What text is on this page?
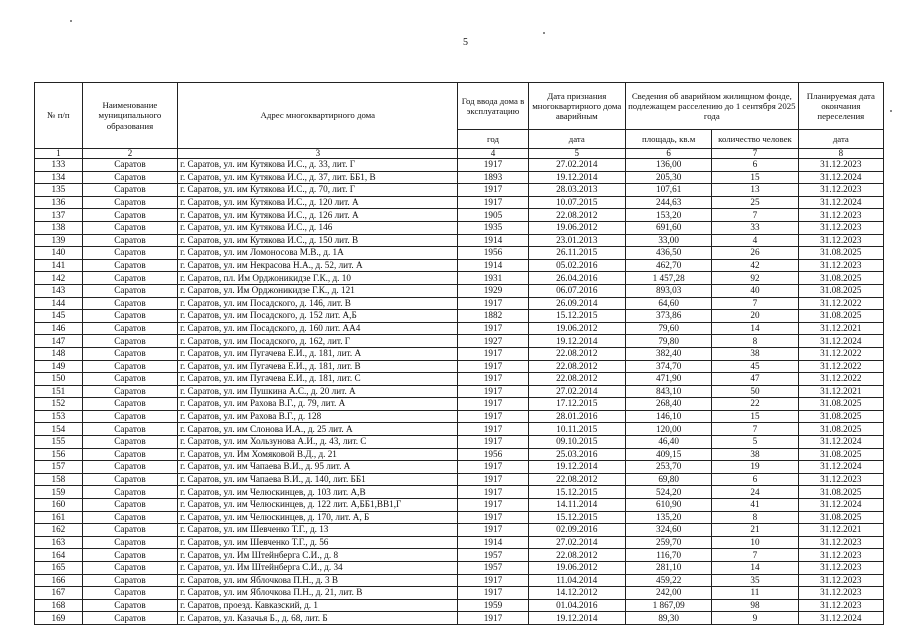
5
№ п/п	Наименование муниципального образования	Адрес многоквартирного дома	Год ввода дома в эксплуатацию	Дата признания многоквартирного дома аварийным	Сведения об аварийном жилищном фонде, подлежащем расселению до 1 сентября 2025 года		Планируемая дата окончания переселения
			год	дата	площадь, кв.м	количество человек	дата
1	2	3	4	5	6	7	8
133	Саратов	г. Саратов, ул. им Кутякова И.С., д. 33, лит. Г	1917	27.02.2014	136,00	6	31.12.2023
134	Саратов	г. Саратов, ул. им Кутякова И.С., д. 37, лит. ББ1, В	1893	19.12.2014	205,30	15	31.12.2024
135	Саратов	г. Саратов, ул. им Кутякова И.С., д. 70, лит. Г	1917	28.03.2013	107,61	13	31.12.2023
136	Саратов	г. Саратов, ул. им Кутякова И.С., д. 120 лит. А	1917	10.07.2015	244,63	25	31.12.2024
137	Саратов	г. Саратов, ул. им Кутякова И.С., д. 126 лит. А	1905	22.08.2012	153,20	7	31.12.2023
138	Саратов	г. Саратов, ул. им Кутякова И.С., д. 146	1935	19.06.2012	691,60	33	31.12.2023
139	Саратов	г. Саратов, ул. им Кутякова И.С., д. 150 лит. В	1914	23.01.2013	33,00	4	31.12.2023
140	Саратов	г. Саратов, ул. им Ломоносова М.В., д. 1А	1956	26.11.2015	436,50	26	31.08.2025
141	Саратов	г. Саратов, ул. им Некрасова Н.А., д. 52, лит. А	1914	05.02.2016	462,70	42	31.12.2023
142	Саратов	г. Саратов, пл. Им Орджоникидзе Г.К., д. 10	1931	26.04.2016	1 457,28	92	31.08.2025
143	Саратов	г. Саратов, ул. Им Орджоникидзе Г.К., д. 121	1929	06.07.2016	893,03	40	31.08.2025
144	Саратов	г. Саратов, ул. им Посадского, д. 146, лит. В	1917	26.09.2014	64,60	7	31.12.2022
145	Саратов	г. Саратов, ул. им Посадского, д. 152 лит. А,Б	1882	15.12.2015	373,86	20	31.08.2025
146	Саратов	г. Саратов, ул. им Посадского, д. 160 лит. АА4	1917	19.06.2012	79,60	14	31.12.2021
147	Саратов	г. Саратов, ул. им Посадского, д. 162, лит. Г	1927	19.12.2014	79,80	8	31.12.2024
148	Саратов	г. Саратов, ул. им Пугачева Е.И., д. 181, лит. А	1917	22.08.2012	382,40	38	31.12.2022
149	Саратов	г. Саратов, ул. им Пугачева Е.И., д. 181, лит. В	1917	22.08.2012	374,70	45	31.12.2022
150	Саратов	г. Саратов, ул. им Пугачева Е.И., д. 181, лит. С	1917	22.08.2012	471,90	47	31.12.2022
151	Саратов	г. Саратов, ул. им Пушкина А.С., д. 20 лит. А	1917	27.02.2014	843,10	50	31.12.2021
152	Саратов	г. Саратов, ул. им Рахова В.Г., д. 79, лит. А	1917	17.12.2015	268,40	22	31.08.2025
153	Саратов	г. Саратов, ул. им Рахова В.Г., д. 128	1917	28.01.2016	146,10	15	31.08.2025
154	Саратов	г. Саратов, ул. им Слонова И.А., д. 25 лит. А	1917	10.11.2015	120,00	7	31.08.2025
155	Саратов	г. Саратов, ул. им Хользунова А.И., д. 43, лит. С	1917	09.10.2015	46,40	5	31.12.2024
156	Саратов	г. Саратов, ул. Им Хомяковой В.Д., д. 21	1956	25.03.2016	409,15	38	31.08.2025
157	Саратов	г. Саратов, ул. им Чапаева В.И., д. 95 лит. А	1917	19.12.2014	253,70	19	31.12.2024
158	Саратов	г. Саратов, ул. им Чапаева В.И., д. 140, лит. ББ1	1917	22.08.2012	69,80	6	31.12.2023
159	Саратов	г. Саратов, ул. им Челюскинцев, д. 103 лит. А,В	1917	15.12.2015	524,20	24	31.08.2025
160	Саратов	г. Саратов, ул. им Челюскинцев, д. 122 лит. А,ББ1,ВВ1,Г	1917	14.11.2014	610,90	41	31.12.2024
161	Саратов	г. Саратов, ул. им Челюскинцев, д. 170, лит. А, Б	1917	15.12.2015	135,20	8	31.08.2025
162	Саратов	г. Саратов, ул. им Шевченко Т.Г., д. 13	1917	02.09.2016	324,60	21	31.12.2021
163	Саратов	г. Саратов, ул. им Шевченко Т.Г., д. 56	1914	27.02.2014	259,70	10	31.12.2023
164	Саратов	г. Саратов, ул. Им Штейнберга С.И., д. 8	1957	22.08.2012	116,70	7	31.12.2023
165	Саратов	г. Саратов, ул. Им Штейнберга С.И., д. 34	1957	19.06.2012	281,10	14	31.12.2023
166	Саратов	г. Саратов, ул. им Яблочкова П.Н., д. 3 В	1917	11.04.2014	459,22	35	31.12.2023
167	Саратов	г. Саратов, ул. им Яблочкова П.Н., д. 21, лит. В	1917	14.12.2012	242,00	11	31.12.2023
168	Саратов	г. Саратов, проезд. Кавказский, д. 1	1959	01.04.2016	1 867,09	98	31.12.2023
169	Саратов	г. Саратов, ул. Казачья Б., д. 68, лит. Б	1917	19.12.2014	89,30	9	31.12.2024
